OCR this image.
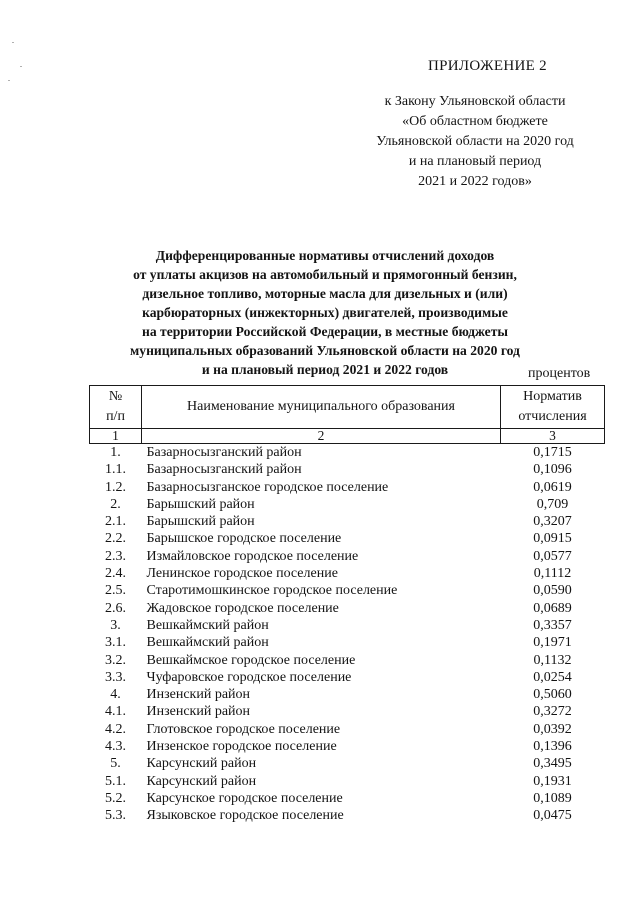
ПРИЛОЖЕНИЕ 2
к Закону Ульяновской области
«Об областном бюджете
Ульяновской области на 2020 год
и на плановый период
2021 и 2022 годов»
Дифференцированные нормативы отчислений доходов
от уплаты акцизов на автомобильный и прямогонный бензин,
дизельное топливо, моторные масла для дизельных и (или)
карбюраторных (инжекторных) двигателей, производимые
на территории Российской Федерации, в местные бюджеты
муниципальных образований Ульяновской области на 2020 год
и на плановый период 2021 и 2022 годов	процентов
№
п/п	Наименование муниципального образования	Норматив
отчисления

1	2	3
1.	Базарносызганский район	0,1715
1.1.	Базарносызганский район	0,1096
1.2.	Базарносызганское городское поселение	0,0619
2.	Барышский район	0,709
2.1.	Барышский район	0,3207
2.2.	Барышское городское поселение	0,0915
2.3.	Измайловское городское поселение	0,0577
2.4.	Ленинское городское поселение	0,1112
2.5.	Старотимошкинское городское поселение	0,0590
2.6.	Жадовское городское поселение	0,0689
3.	Вешкаймский район	0,3357
3.1.	Вешкаймский район	0,1971
3.2.	Вешкаймское городское поселение	0,1132
3.3.	Чуфаровское городское поселение	0,0254
4.	Инзенский район	0,5060
4.1.	Инзенский район	0,3272
4.2.	Глотовское городское поселение	0,0392
4.3.	Инзенское городское поселение	0,1396
5.	Карсунский район	0,3495
5.1.	Карсунский район	0,1931
5.2.	Карсунское городское поселение	0,1089
5.3.	Языковское городское поселение	0,0475
